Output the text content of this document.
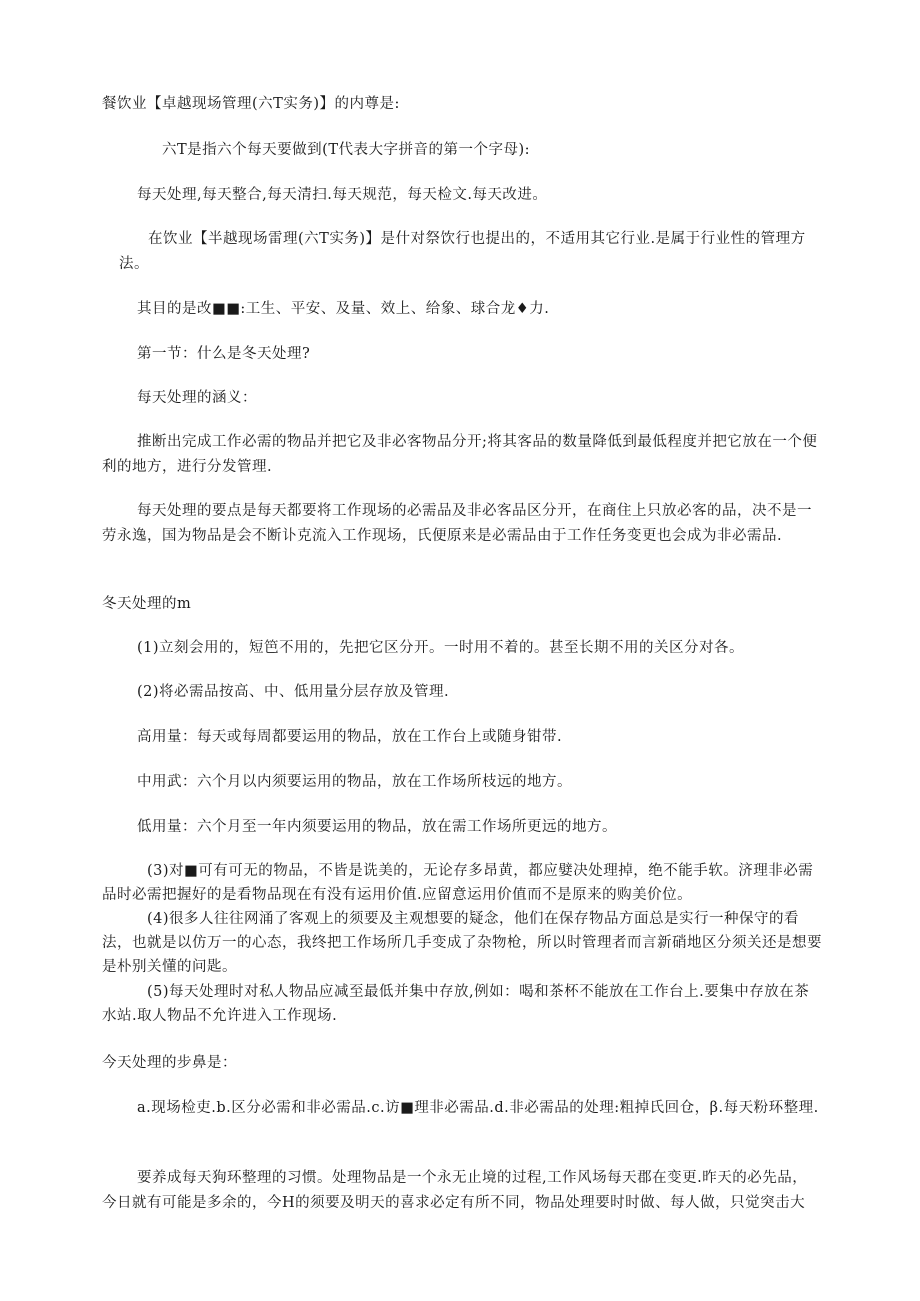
餐饮业【卓越现场管理(六T实务)】的内尊是:

六T是指六个每天要做到(T代表大字拼音的第一个字母):

每天处理,每天整合,每天清扫.每天规范，每天检文.每天改进。

在饮业【半越现场雷理(六T实务)】是什对祭饮行也提出的，不适用其它行业.是属于行业性的管理方法。

其目的是改■■:工生、平安、及量、效上、给象、球合龙♦力.

第一节：什么是冬天处理?

每天处理的涵义：

推断出完成工作必需的物品并把它及非必客物品分开;将其客品的数量降低到最低程度并把它放在一个便利的地方，进行分发管理.

每天处理的要点是每天都要将工作现场的必需品及非必客品区分开，在商住上只放必客的品，决不是一劳永逸，国为物品是会不断讣克流入工作现场，氏便原来是必需品由于工作任务变更也会成为非必需品.

冬天处理的m

(1)立刻会用的，短笆不用的，先把它区分开。一时用不着的。甚至长期不用的关区分对各。

(2)将必需品按高、中、低用量分层存放及管理.

高用量：每天或每周都要运用的物品，放在工作台上或随身钳带.

中用武：六个月以内须要运用的物品，放在工作场所枝远的地方。

低用量：六个月至一年内须要运用的物品，放在需工作场所更远的地方。

(3)对■可有可无的物品，不皆是诜美的，无论存多昂黄，都应嬖决处理掉，绝不能手软。济理非必需品时必需把握好的是看物品现在有没有运用价值.应留意运用价值而不是原来的购美价位。

(4)很多人往往网涌了客观上的须要及主观想要的疑念，他们在保存物品方面总是实行一种保守的看法，也就是以仿万一的心态，我终把工作场所几手变成了杂物枪，所以时管理者而言新硝地区分须关还是想要是朴别关懂的问匙。

(5)每天处理时对私人物品应减至最低并集中存放,例如：喝和茶杯不能放在工作台上.要集中存放在茶水站.取人物品不允许进入工作现场.

今天处理的步鼻是：

a.现场检吏.b.区分必需和非必需品.c.访■理非必需品.d.非必需品的处理:粗掉氏回仓，β.每天粉环整理.

要养成每天狗环整理的习惯。处理物品是一个永无止境的过程,工作风场每天郡在变更.昨天的必先品，今日就有可能是多余的，今H的须要及明天的喜求必定有所不同，物品处理要时时做、每人做，只觉突击大
